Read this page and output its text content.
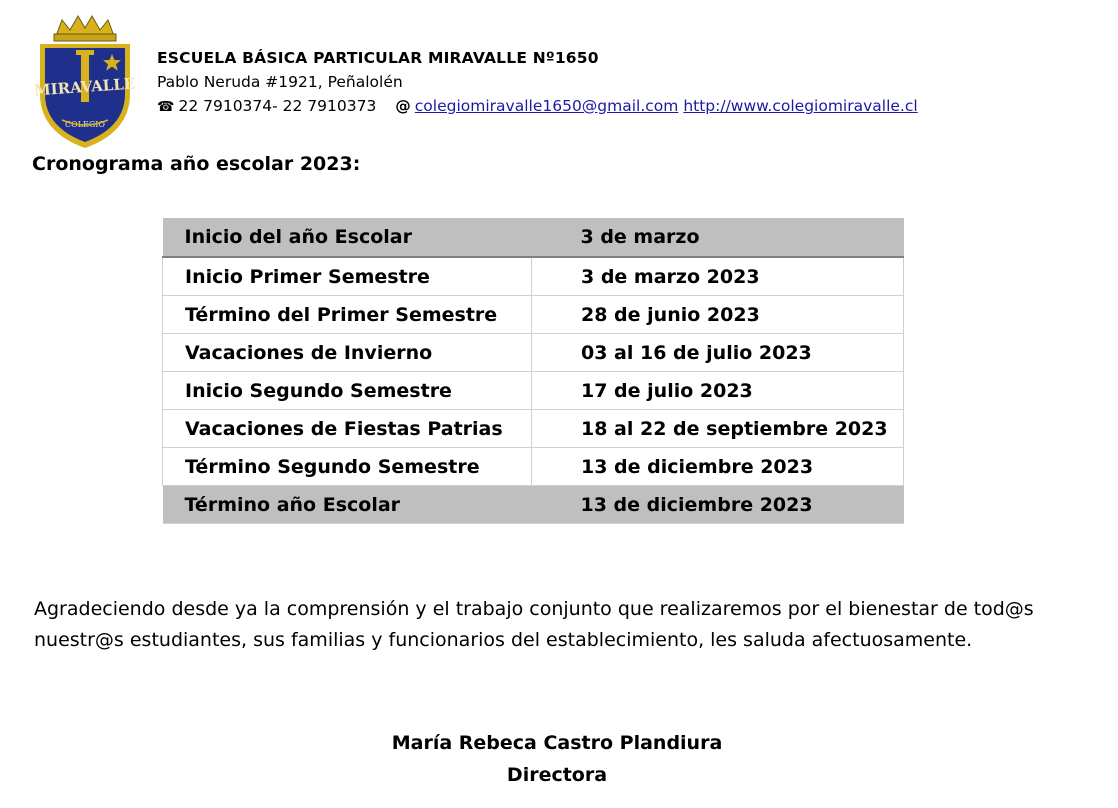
MIRAVALLE
COLEGIO
ESCUELA BÁSICA PARTICULAR MIRAVALLE Nº1650
Pablo Neruda #1921, Peñalolén
☎ 22 7910374- 22 7910373 @ colegiomiravalle1650@gmail.com http://www.colegiomiravalle.cl
Cronograma año escolar 2023:
Inicio del año Escolar	3 de marzo
Inicio Primer Semestre	3 de marzo 2023
Término del Primer Semestre	28 de junio 2023
Vacaciones de Invierno	03 al 16 de julio 2023
Inicio Segundo Semestre	17 de julio 2023
Vacaciones de Fiestas Patrias	18 al 22 de septiembre 2023
Término Segundo Semestre	13 de diciembre 2023
Término año Escolar	13 de diciembre 2023
Agradeciendo desde ya la comprensión y el trabajo conjunto que realizaremos por el bienestar de tod@s nuestr@s estudiantes, sus familias y funcionarios del establecimiento, les saluda afectuosamente.
María Rebeca Castro Plandiura
Directora
